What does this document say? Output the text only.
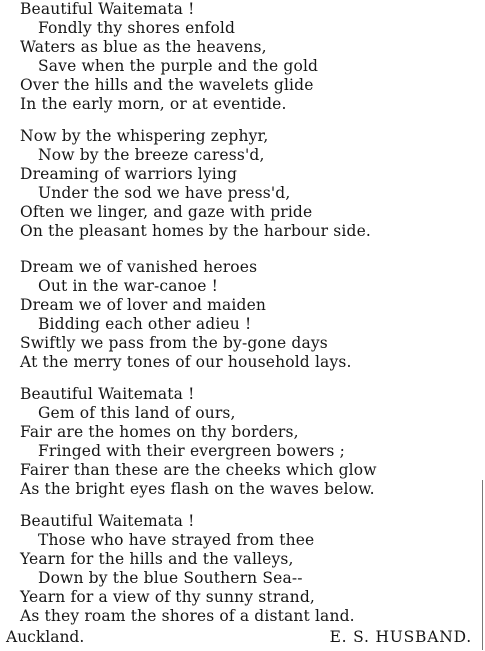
Beautiful Waitemata !
Fondly thy shores enfold
Waters as blue as the heavens,
Save when the purple and the gold
Over the hills and the wavelets glide
In the early morn, or at eventide.
Now by the whispering zephyr,
Now by the breeze caress'd,
Dreaming of warriors lying
Under the sod we have press'd,
Often we linger, and gaze with pride
On the pleasant homes by the harbour side.
Dream we of vanished heroes
Out in the war-canoe !
Dream we of lover and maiden
Bidding each other adieu !
Swiftly we pass from the by-gone days
At the merry tones of our household lays.
Beautiful Waitemata !
Gem of this land of ours,
Fair are the homes on thy borders,
Fringed with their evergreen bowers ;
Fairer than these are the cheeks which glow
As the bright eyes flash on the waves below.
Beautiful Waitemata !
Those who have strayed from thee
Yearn for the hills and the valleys,
Down by the blue Southern Sea--
Yearn for a view of thy sunny strand,
As they roam the shores of a distant land.
Auckland.	E. S. HUSBAND.
